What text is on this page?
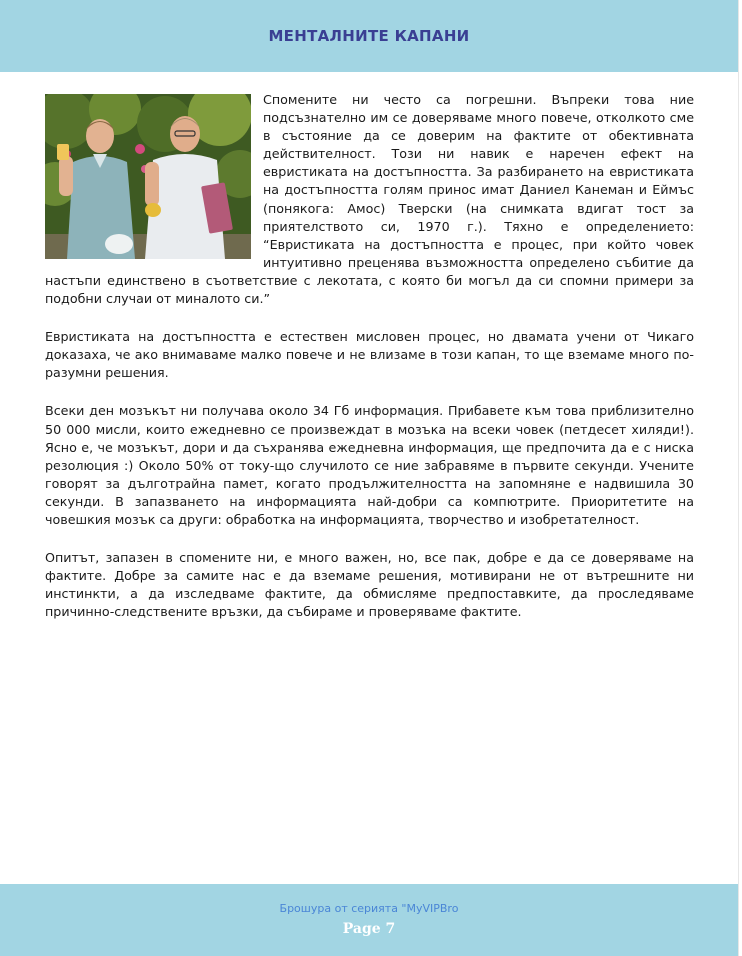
МЕНТАЛНИТЕ КАПАНИ

Спомените ни често са погрешни. Въпреки това ние подсъзнателно им се доверяваме много повече, отколкото сме в състояние да се доверим на фактите от обективната действителност. Този ни навик е наречен ефект на евристиката на достъпността. За разбирането на евристиката на достъпността голям принос имат Даниел Канеман и Еймъс (понякога: Амос) Тверски (на снимката вдигат тост за приятелството си, 1970 г.). Тяхно е определението: “Евристиката на достъпността е процес, при който човек интуитивно преценява възможността определено събитие да настъпи единствено в съответствие с лекотата, с която би могъл да си спомни примери за подобни случаи от миналото си.”

Евристиката на достъпността е естествен мисловен процес, но двамата учени от Чикаго доказаха, че ако внимаваме малко повече и не влизаме в този капан, то ще вземаме много по-разумни решения.

Всеки ден мозъкът ни получава около 34 Гб информация. Прибавете към това приблизително 50 000 мисли, които ежедневно се произвеждат в мозъка на всеки човек (петдесет хиляди!). Ясно е, че мозъкът, дори и да съхранява ежедневна информация, ще предпочита да е с ниска резолюция :) Около 50% от току-що случилото се ние забравяме в първите секунди. Учените говорят за дълготрайна памет, когато продължителността на запомняне е надвишила 30 секунди. В запазването на информацията най-добри са компютрите. Приоритетите на човешкия мозък са други: обработка на информацията, творчество и изобретателност.

Опитът, запазен в спомените ни, е много важен, но, все пак, добре е да се доверяваме на фактите. Добре за самите нас е да вземаме решения, мотивирани не от вътрешните ни инстинкти, а да изследваме фактите, да обмисляме предпоставките, да проследяваме причинно-следствените връзки, да събираме и проверяваме фактите.

Брошура от серията "MyVIPBro
Page 7
